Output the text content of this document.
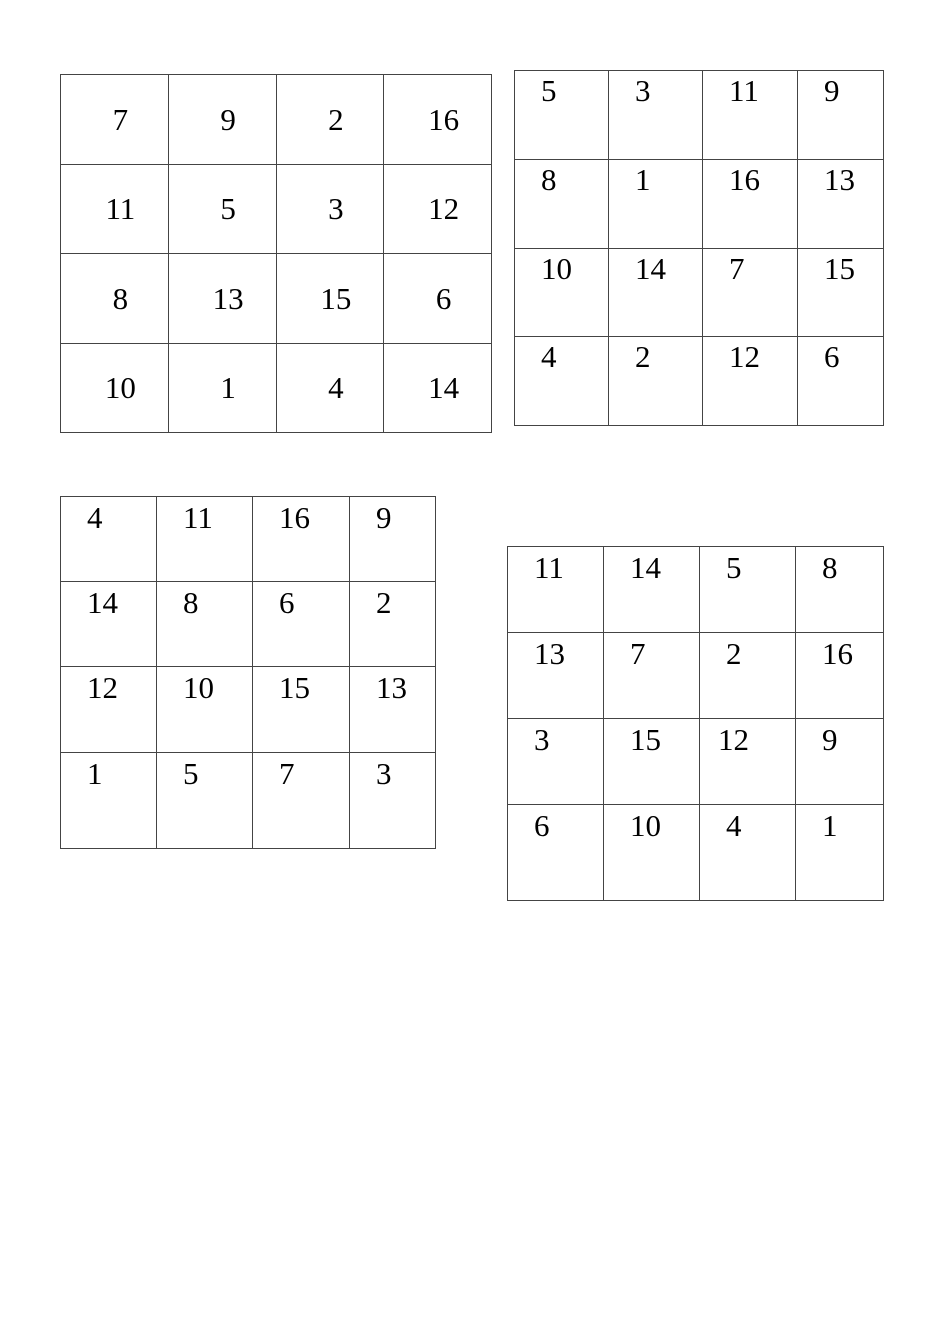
7	9	2	16
11	5	3	12
8	13	15	6
10	1	4	14
5	3	11	9
8	1	16	13
10	14	7	15
4	2	12	6
4	11	16	9
14	8	6	2
12	10	15	13
1	5	7	3
11	14	5	8
13	7	2	16
3	15	12	9
6	10	4	1
